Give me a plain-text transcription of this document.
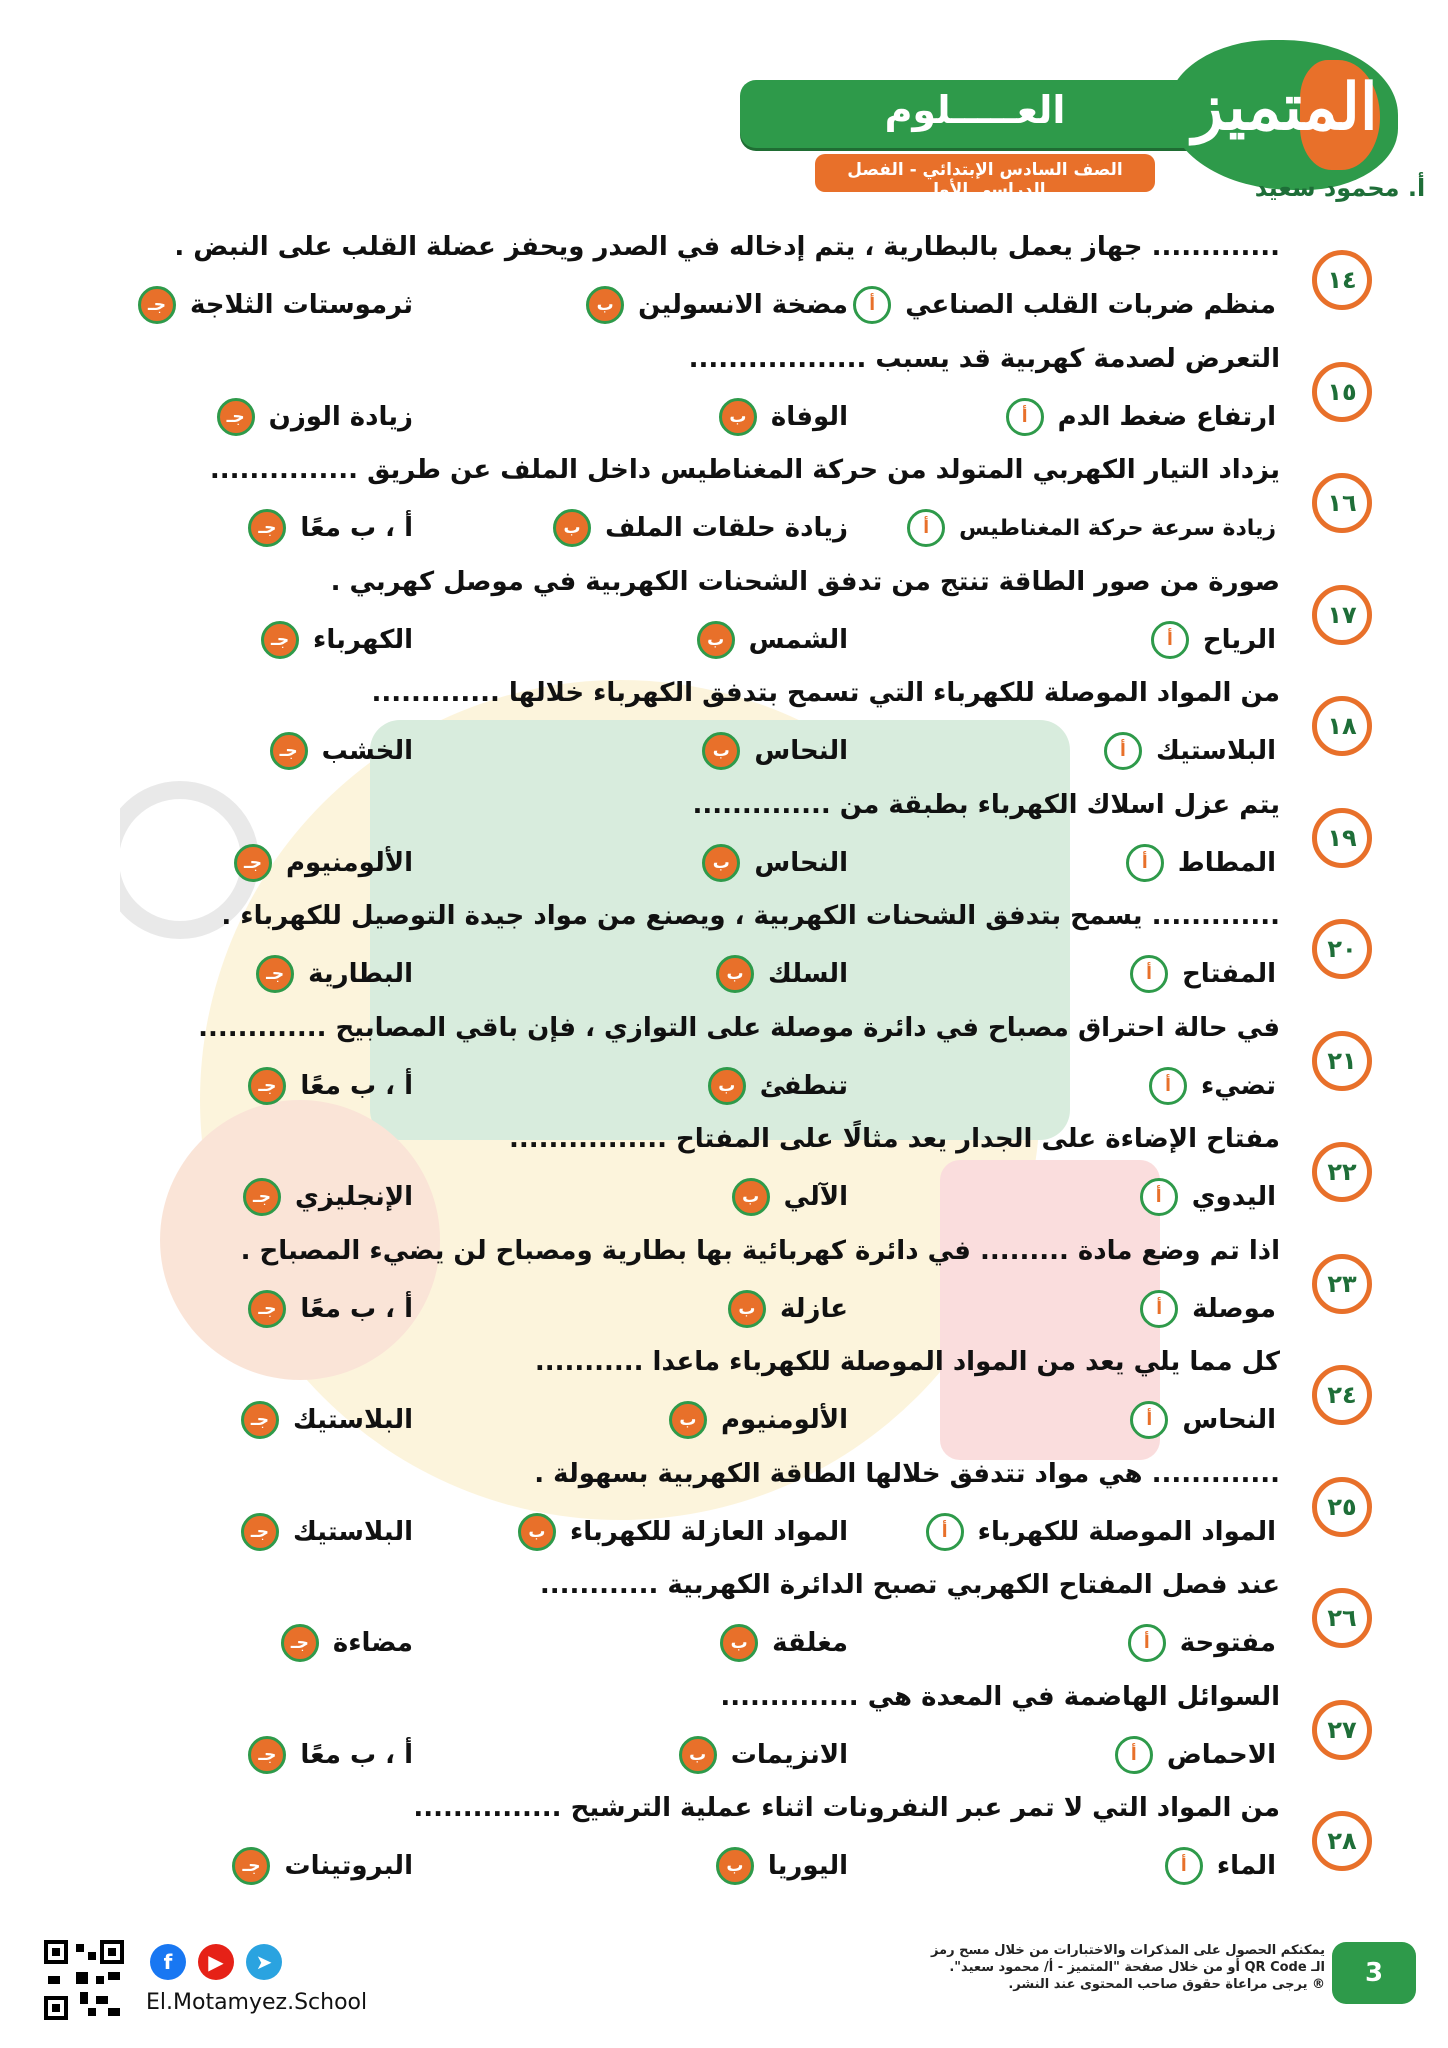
العـــــلوم
الصف السادس الإبتدائي - الفصل الدراسي الأول
المتميز
أ. محمود سعيد
١٤
............. جهاز يعمل بالبطارية ، يتم إدخاله في الصدر ويحفز عضلة القلب على النبض .
أ	منظم ضربات القلب الصناعي
ب مضخة الانسولين
جـ ثرموستات الثلاجة
١٥
التعرض لصدمة كهربية قد يسبب ..................
أ	ارتفاع ضغط الدم
ب الوفاة
جـ زيادة الوزن
١٦
يزداد التيار الكهربي المتولد من حركة المغناطيس داخل الملف عن طريق ...............
أ	زيادة سرعة حركة المغناطيس
ب زيادة حلقات الملف
جـ أ ، ب معًا
١٧
صورة من صور الطاقة تنتج من تدفق الشحنات الكهربية في موصل كهربي .
أ	الرياح
ب الشمس
جـ الكهرباء
١٨
من المواد الموصلة للكهرباء التي تسمح بتدفق الكهرباء خلالها .............
أ	البلاستيك
ب النحاس
جـ الخشب
١٩
يتم عزل اسلاك الكهرباء بطبقة من ..............
أ	المطاط
ب النحاس
جـ الألومنيوم
٢٠
............. يسمح بتدفق الشحنات الكهربية ، ويصنع من مواد جيدة التوصيل للكهرباء .
أ	المفتاح
ب السلك
جـ البطارية
٢١
في حالة احتراق مصباح في دائرة موصلة على التوازي ، فإن باقي المصابيح .............
أ	تضيء
ب تنطفئ
جـ أ ، ب معًا
٢٢
مفتاح الإضاءة على الجدار يعد مثالًا على المفتاح ................
أ	اليدوي
ب الآلي
جـ الإنجليزي
٢٣
اذا تم وضع مادة ......... في دائرة كهربائية بها بطارية ومصباح لن يضيء المصباح .
أ	موصلة
ب عازلة
جـ أ ، ب معًا
٢٤
كل مما يلي يعد من المواد الموصلة للكهرباء ماعدا ...........
أ	النحاس
ب الألومنيوم
جـ البلاستيك
٢٥
............. هي مواد تتدفق خلالها الطاقة الكهربية بسهولة .
أ	المواد الموصلة للكهرباء
ب المواد العازلة للكهرباء
جـ البلاستيك
٢٦
عند فصل المفتاح الكهربي تصبح الدائرة الكهربية ............
أ	مفتوحة
ب مغلقة
جـ مضاءة
٢٧
السوائل الهاضمة في المعدة هي ..............
أ	الاحماض
ب الانزيمات
جـ أ ، ب معًا
٢٨
من المواد التي لا تمر عبر النفرونات اثناء عملية الترشيح ...............
أ	الماء
ب اليوريا
جـ البروتينات
3
يمكنكم الحصول على المذكرات والاختبارات من خلال مسح رمز
الـ QR Code أو من خلال صفحة "المتميز - أ/ محمود سعيد".
® يرجى مراعاة حقوق صاحب المحتوى عند النشر.
f	▶	➤
El.Motamyez.School
